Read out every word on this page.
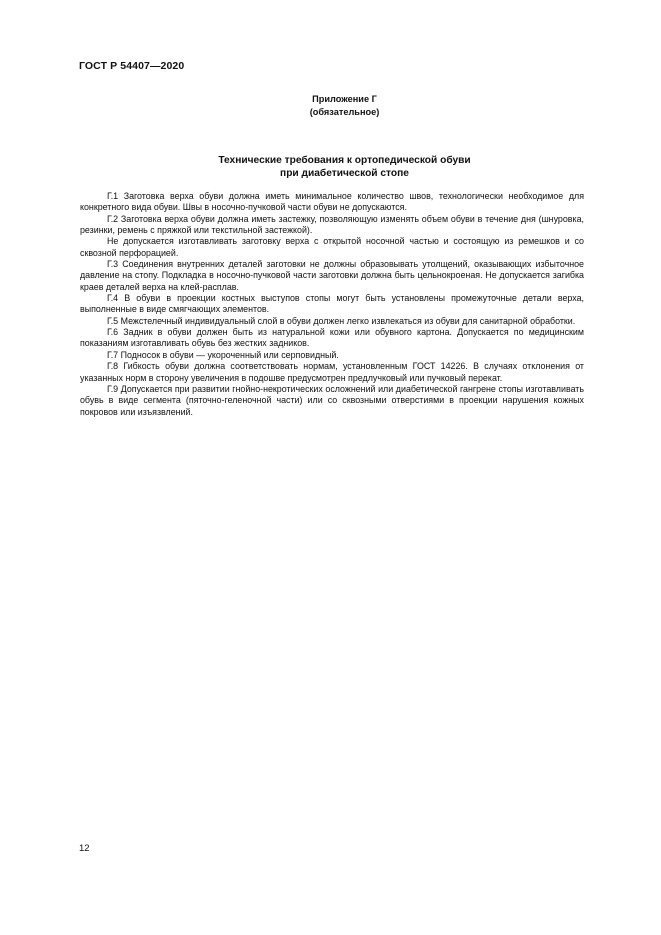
ГОСТ Р 54407—2020
Приложение Г
(обязательное)
Технические требования к ортопедической обуви
при диабетической стопе

Г.1 Заготовка верха обуви должна иметь минимальное количество швов, технологически необходимое для конкретного вида обуви. Швы в носочно-пучковой части обуви не допускаются.

Г.2 Заготовка верха обуви должна иметь застежку, позволяющую изменять объем обуви в течение дня (шнуровка, резинки, ремень с пряжкой или текстильной застежкой).

Не допускается изготавливать заготовку верха с открытой носочной частью и состоящую из ремешков и со сквозной перфорацией.

Г.3 Соединения внутренних деталей заготовки не должны образовывать утолщений, оказывающих избыточное давление на стопу. Подкладка в носочно-пучковой части заготовки должна быть цельнокроеная. Не допускается загибка краев деталей верха на клей-расплав.

Г.4 В обуви в проекции костных выступов стопы могут быть установлены промежуточные детали верха, выполненные в виде смягчающих элементов.

Г.5 Межстелечный индивидуальный слой в обуви должен легко извлекаться из обуви для санитарной обработки.

Г.6 Задник в обуви должен быть из натуральной кожи или обувного картона. Допускается по медицинским показаниям изготавливать обувь без жестких задников.

Г.7 Подносок в обуви — укороченный или серповидный.

Г.8 Гибкость обуви должна соответствовать нормам, установленным ГОСТ 14226. В случаях отклонения от указанных норм в сторону увеличения в подошве предусмотрен предлучковый или пучковый перекат.

Г.9 Допускается при развитии гнойно-некротических осложнений или диабетической гангрене стопы изготавливать обувь в виде сегмента (пяточно-геленочной части) или со сквозными отверстиями в проекции нарушения кожных покровов или изъязвлений.

12
